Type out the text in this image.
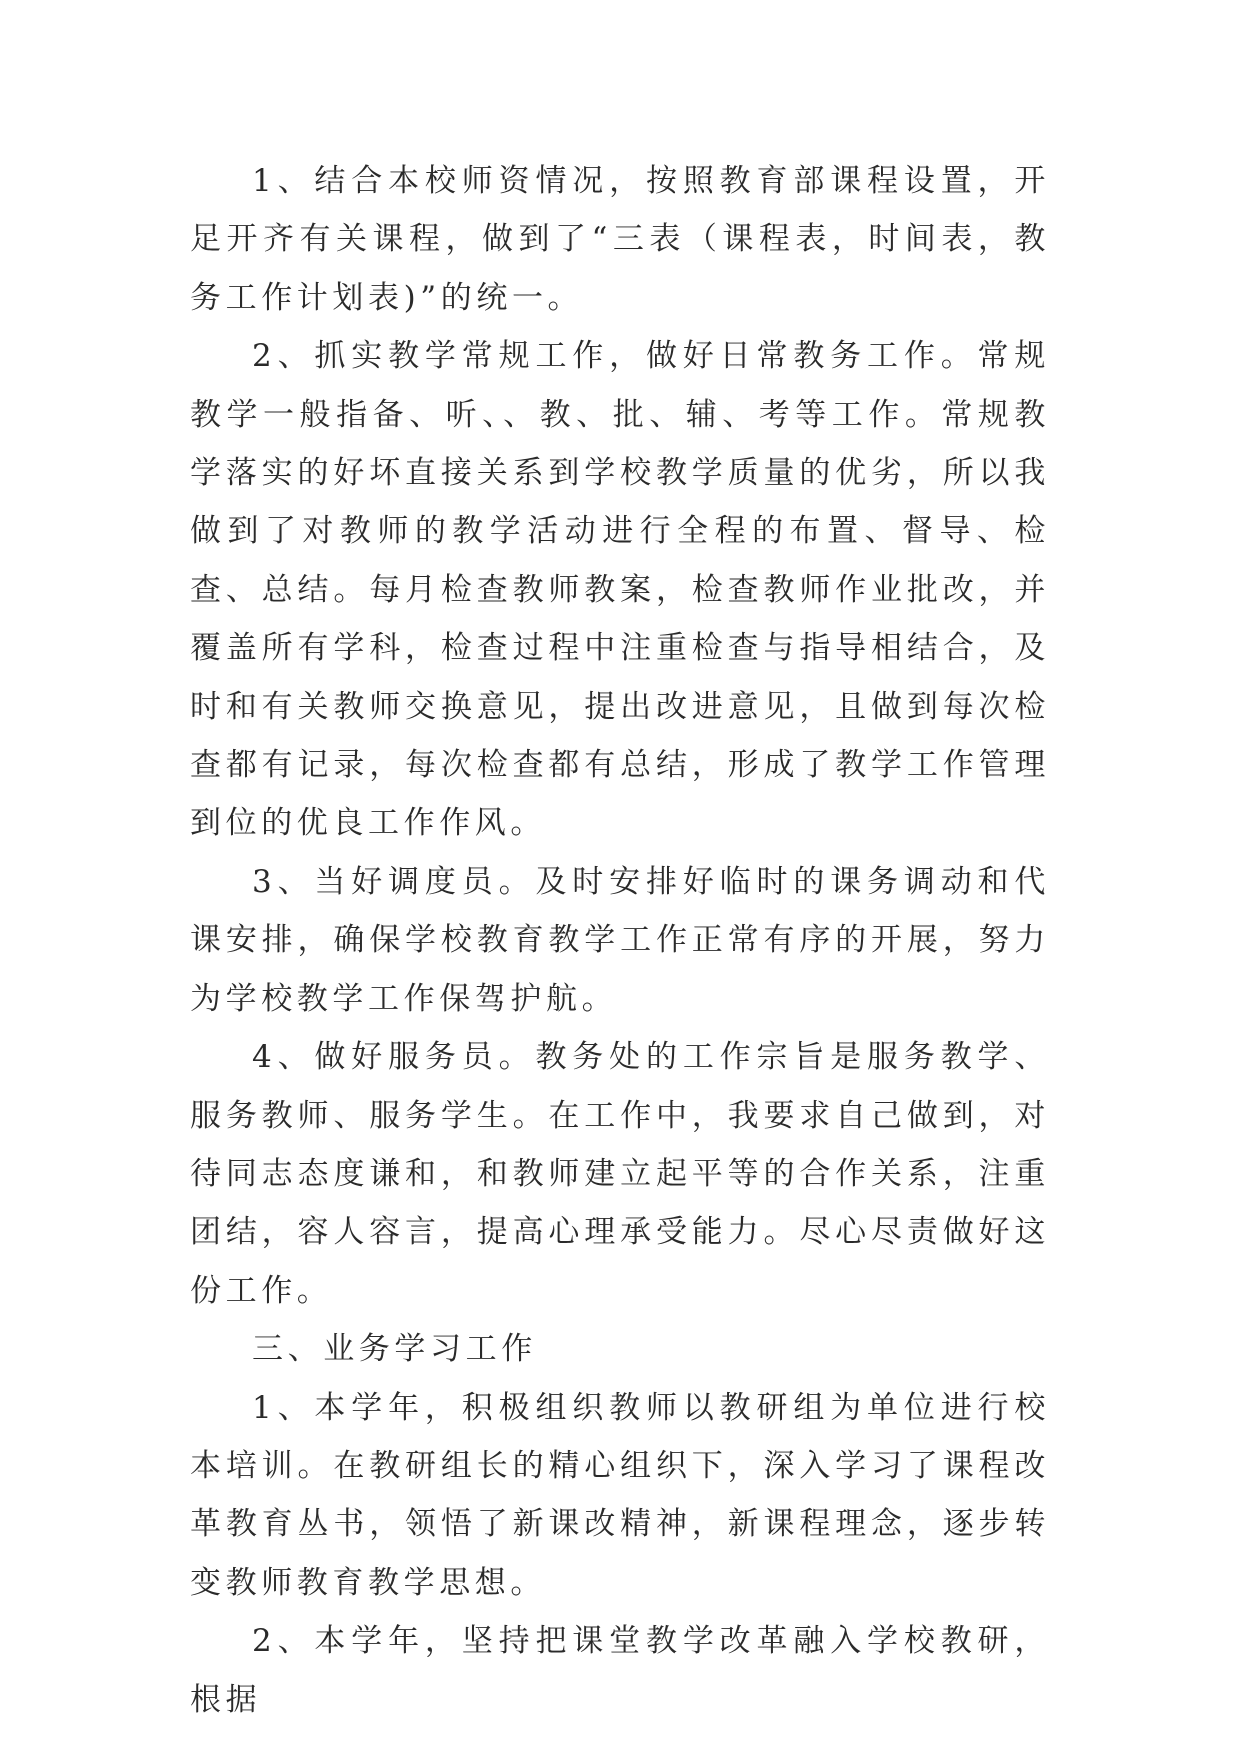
1、结合本校师资情况，按照教育部课程设置，开足开齐有关课程，做到了“三表（课程表，时间表，教务工作计划表)”的统一。

2、抓实教学常规工作，做好日常教务工作。常规教学一般指备、听、、教、批、辅、考等工作。常规教学落实的好坏直接关系到学校教学质量的优劣，所以我做到了对教师的教学活动进行全程的布置、督导、检查、总结。每月检查教师教案，检查教师作业批改，并覆盖所有学科，检查过程中注重检查与指导相结合，及时和有关教师交换意见，提出改进意见，且做到每次检查都有记录，每次检查都有总结，形成了教学工作管理到位的优良工作作风。

3、当好调度员。及时安排好临时的课务调动和代课安排，确保学校教育教学工作正常有序的开展，努力为学校教学工作保驾护航。

4、做好服务员。教务处的工作宗旨是服务教学、服务教师、服务学生。在工作中，我要求自己做到，对待同志态度谦和，和教师建立起平等的合作关系，注重团结，容人容言，提高心理承受能力。尽心尽责做好这份工作。

三、业务学习工作

1、本学年，积极组织教师以教研组为单位进行校本培训。在教研组长的精心组织下，深入学习了课程改革教育丛书，领悟了新课改精神，新课程理念，逐步转变教师教育教学思想。

2、本学年，坚持把课堂教学改革融入学校教研，根据
